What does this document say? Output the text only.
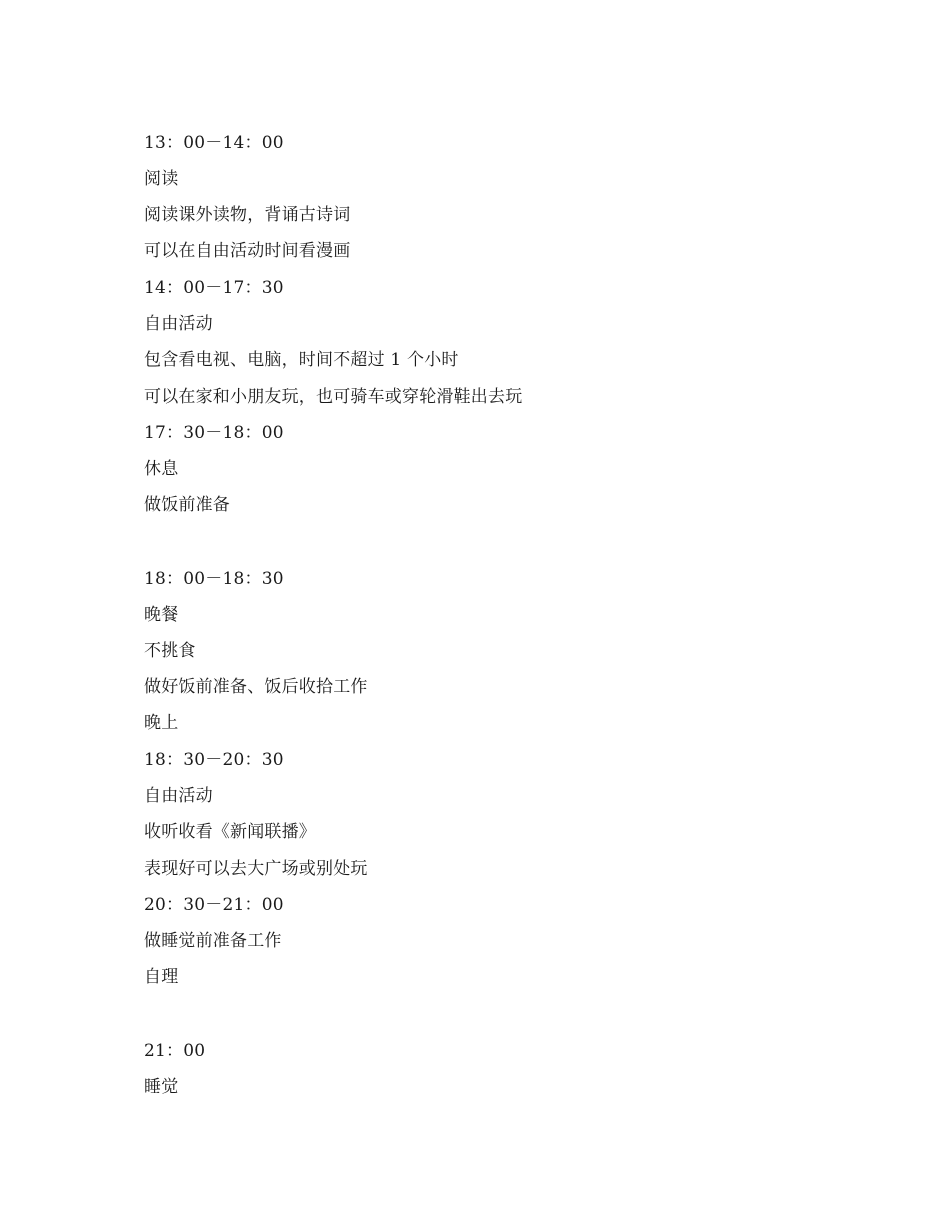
13：00－14：00
阅读
阅读课外读物，背诵古诗词
可以在自由活动时间看漫画
14：00－17：30
自由活动
包含看电视、电脑，时间不超过 1 个小时
可以在家和小朋友玩，也可骑车或穿轮滑鞋出去玩
17：30－18：00
休息
做饭前准备
18：00－18：30
晚餐
不挑食
做好饭前准备、饭后收拾工作
晚上
18：30－20：30
自由活动
收听收看《新闻联播》
表现好可以去大广场或别处玩
20：30－21：00
做睡觉前准备工作
自理
21：00
睡觉
